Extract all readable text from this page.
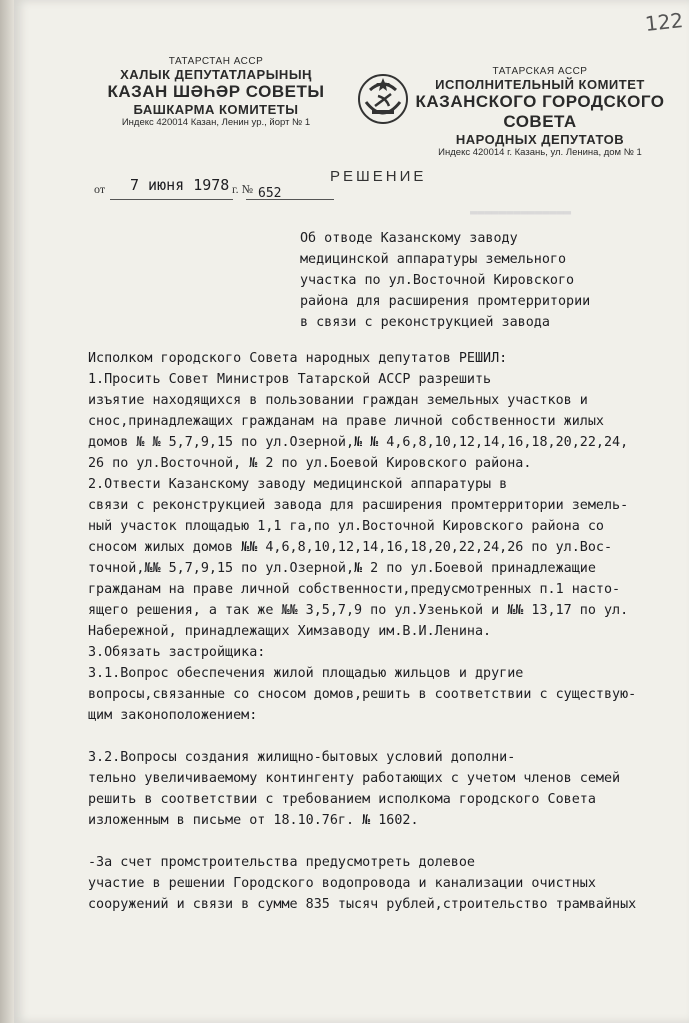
122
▬▬▬▬▬▬▬▬▬▬▬▬▬▬
ТАТАРСТАН АССР
ХАЛЫК ДЕПУТАТЛАРЫНЫҢ
КАЗАН ШӘҺӘР СОВЕТЫ
БАШКАРМА КОМИТЕТЫ
Индекс 420014 Казан, Ленин ур., йорт № 1
ТАТАРСКАЯ АССР
ИСПОЛНИТЕЛЬНЫЙ КОМИТЕТ
КАЗАНСКОГО ГОРОДСКОГО СОВЕТА
НАРОДНЫХ ДЕПУТАТОВ
Индекс 420014 г. Казань, ул. Ленина, дом № 1
РЕШЕНИЕ
от 7 июня 1978 г. № 652
Об отводе Казанскому заводу
медицинской аппаратуры земельного
участка по ул.Восточной Кировского
района для расширения промтерритории
в связи с реконструкцией завода
Исполком городского Совета народных депутатов РЕШИЛ:
1.Просить Совет Министров Татарской АССР разрешить
изъятие находящихся в пользовании граждан земельных участков и
снос,принадлежащих гражданам на праве личной собственности жилых
домов № № 5,7,9,15 по ул.Озерной,№ № 4,6,8,10,12,14,16,18,20,22,24,
26 по ул.Восточной, № 2 по ул.Боевой Кировского района.
2.Отвести Казанскому заводу медицинской аппаратуры в
связи с реконструкцией завода для расширения промтерритории земель-
ный участок площадью 1,1 га,по ул.Восточной Кировского района со
сносом жилых домов №№ 4,6,8,10,12,14,16,18,20,22,24,26 по ул.Вос-
точной,№№ 5,7,9,15 по ул.Озерной,№ 2 по ул.Боевой принадлежащие
гражданам на праве личной собственности,предусмотренных п.1 насто-
ящего решения, а так же №№ 3,5,7,9 по ул.Узенькой и №№ 13,17 по ул.
Набережной, принадлежащих Химзаводу им.В.И.Ленина.
3.Обязать застройщика:
3.1.Вопрос обеспечения жилой площадью жильцов и другие
вопросы,связанные со сносом домов,решить в соответствии с существую-
щим законоположением:

3.2.Вопросы создания жилищно-бытовых условий дополни-
тельно увеличиваемому контингенту работающих с учетом членов семей
решить в соответствии с требованием исполкома городского Совета
изложенным в письме от 18.10.76г. № 1602.

-За счет промстроительства предусмотреть долевое
участие в решении Городского водопровода и канализации очистных
сооружений и связи в сумме 835 тысяч рублей,строительство трамвайных
